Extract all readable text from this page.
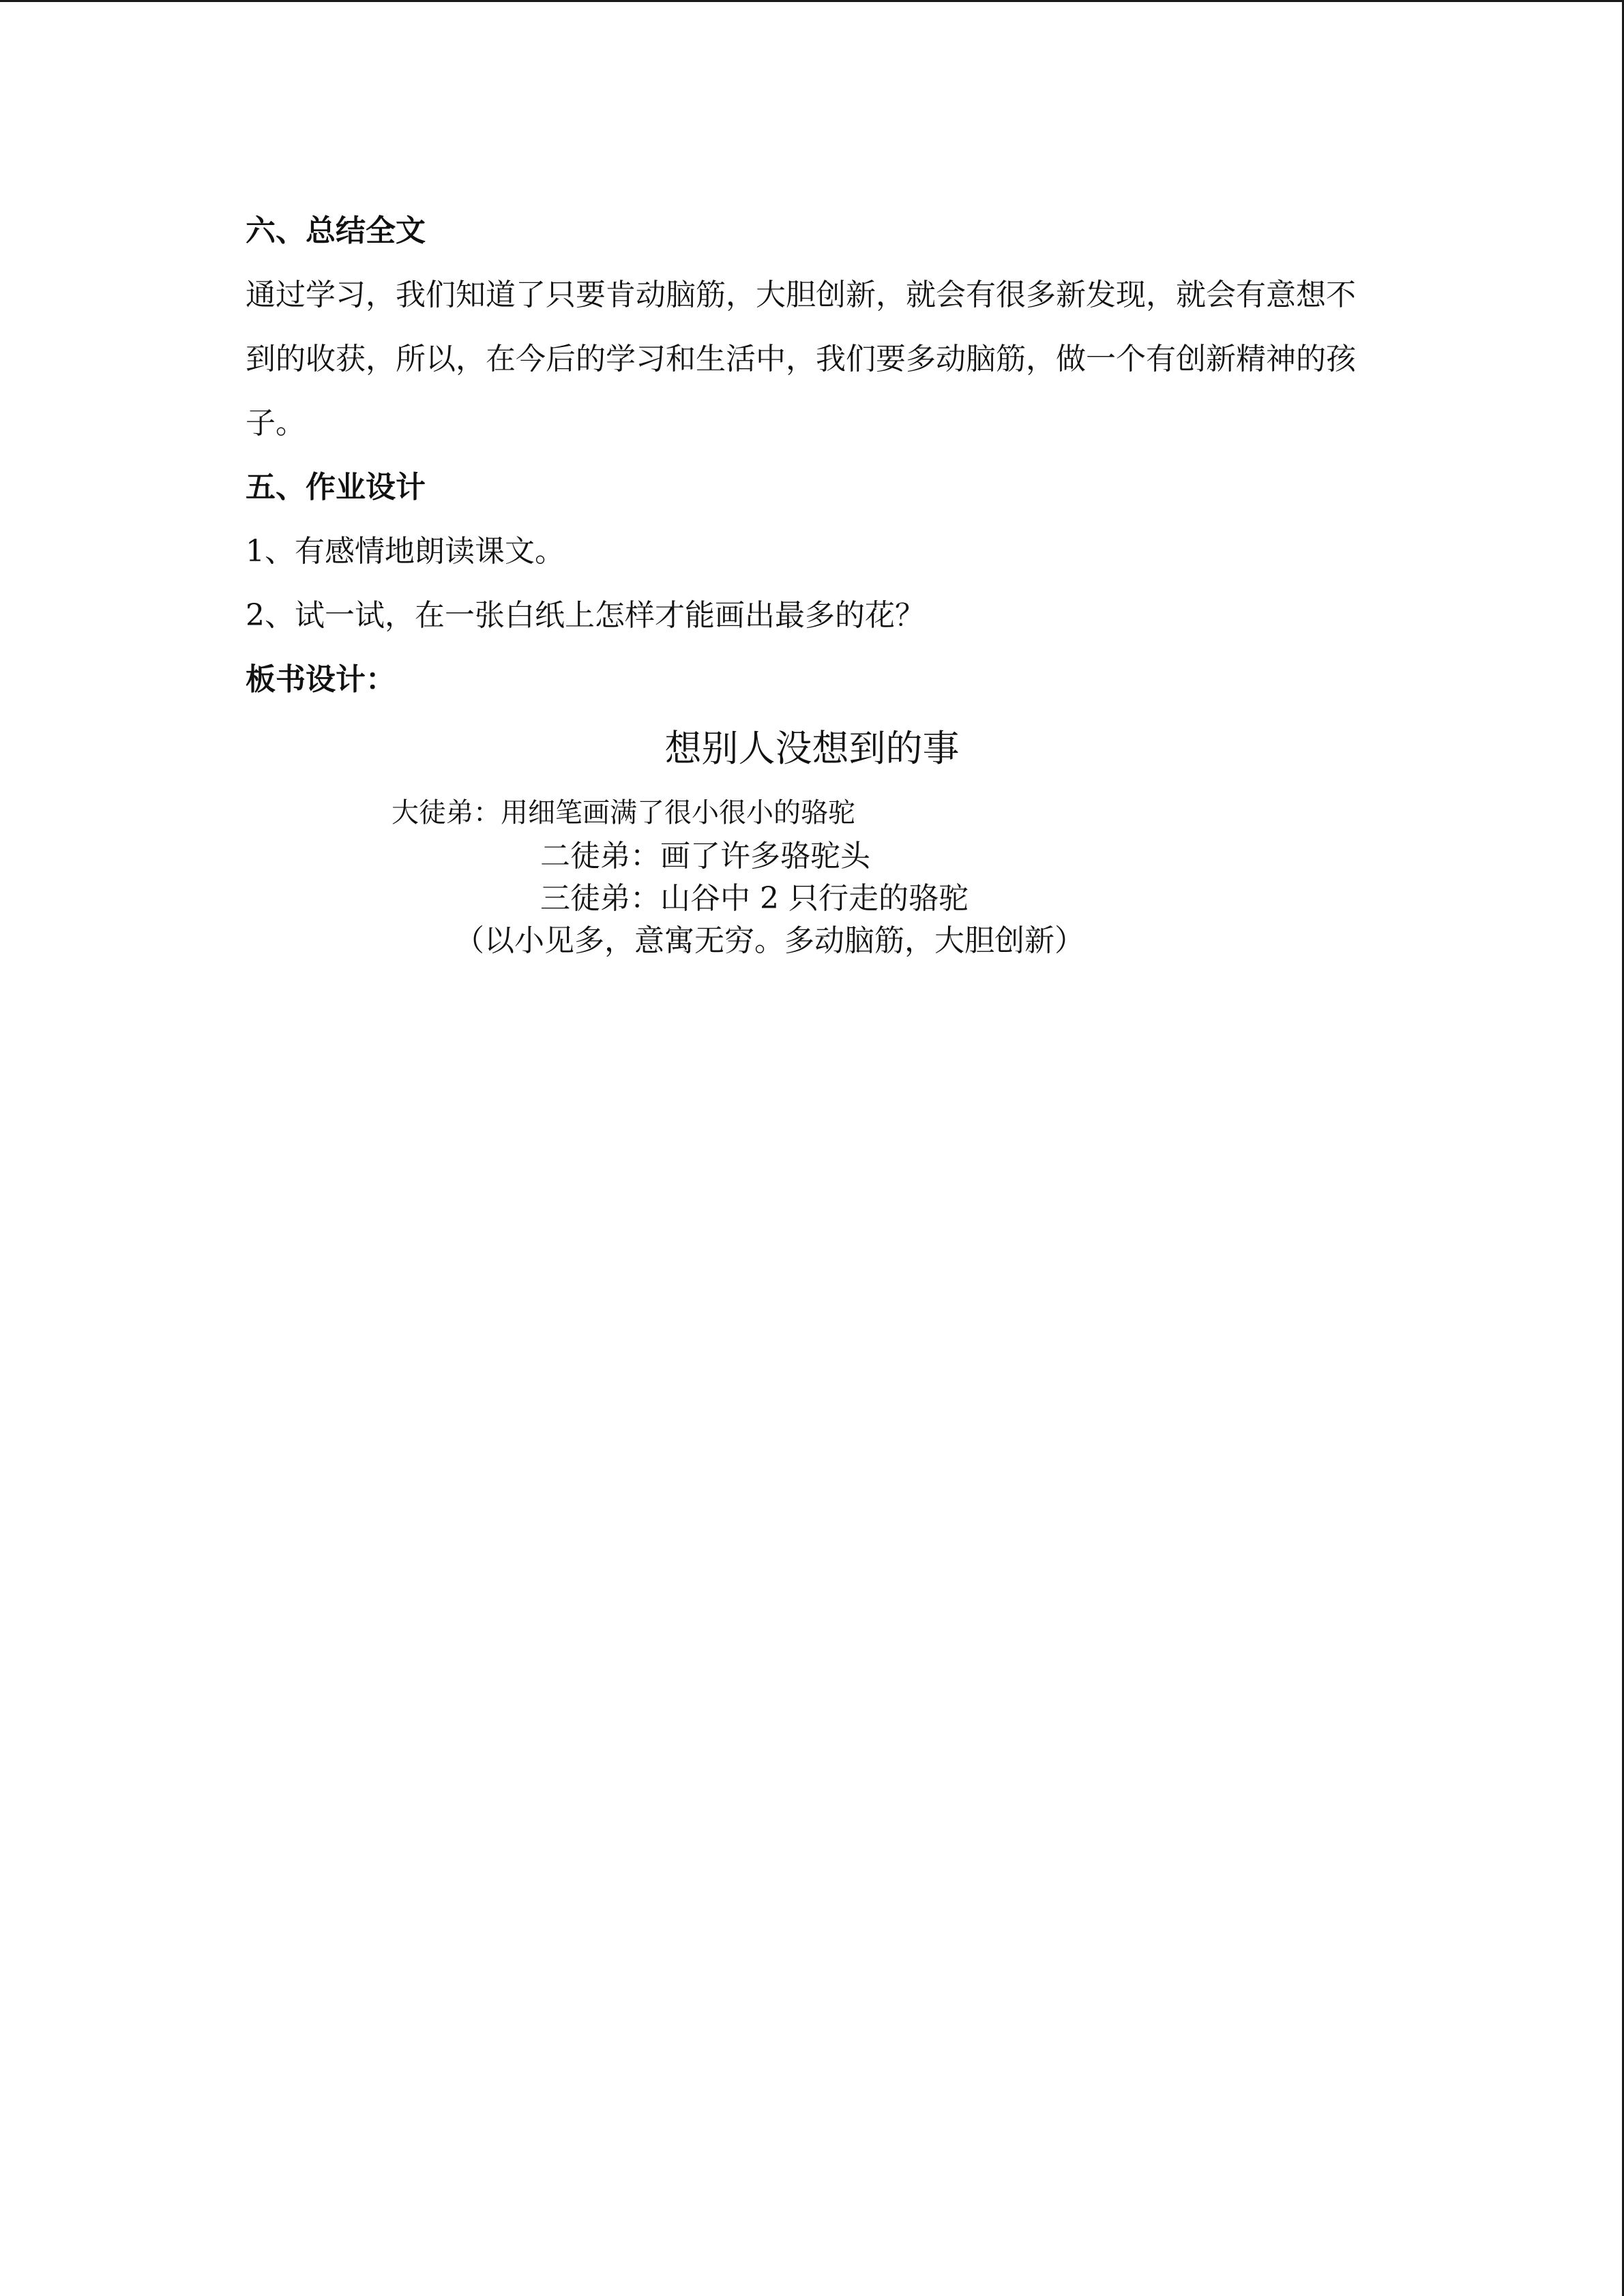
六、总结全文
通过学习，我们知道了只要肯动脑筋，大胆创新，就会有很多新发现，就会有意想不到的收获，所以，在今后的学习和生活中，我们要多动脑筋，做一个有创新精神的孩子。
五、作业设计
1、有感情地朗读课文。
2、试一试，在一张白纸上怎样才能画出最多的花？
板书设计：
想别人没想到的事
大徒弟：用细笔画满了很小很小的骆驼
二徒弟：画了许多骆驼头
三徒弟：山谷中 2 只行走的骆驼
（以小见多，意寓无穷。多动脑筋，大胆创新）
